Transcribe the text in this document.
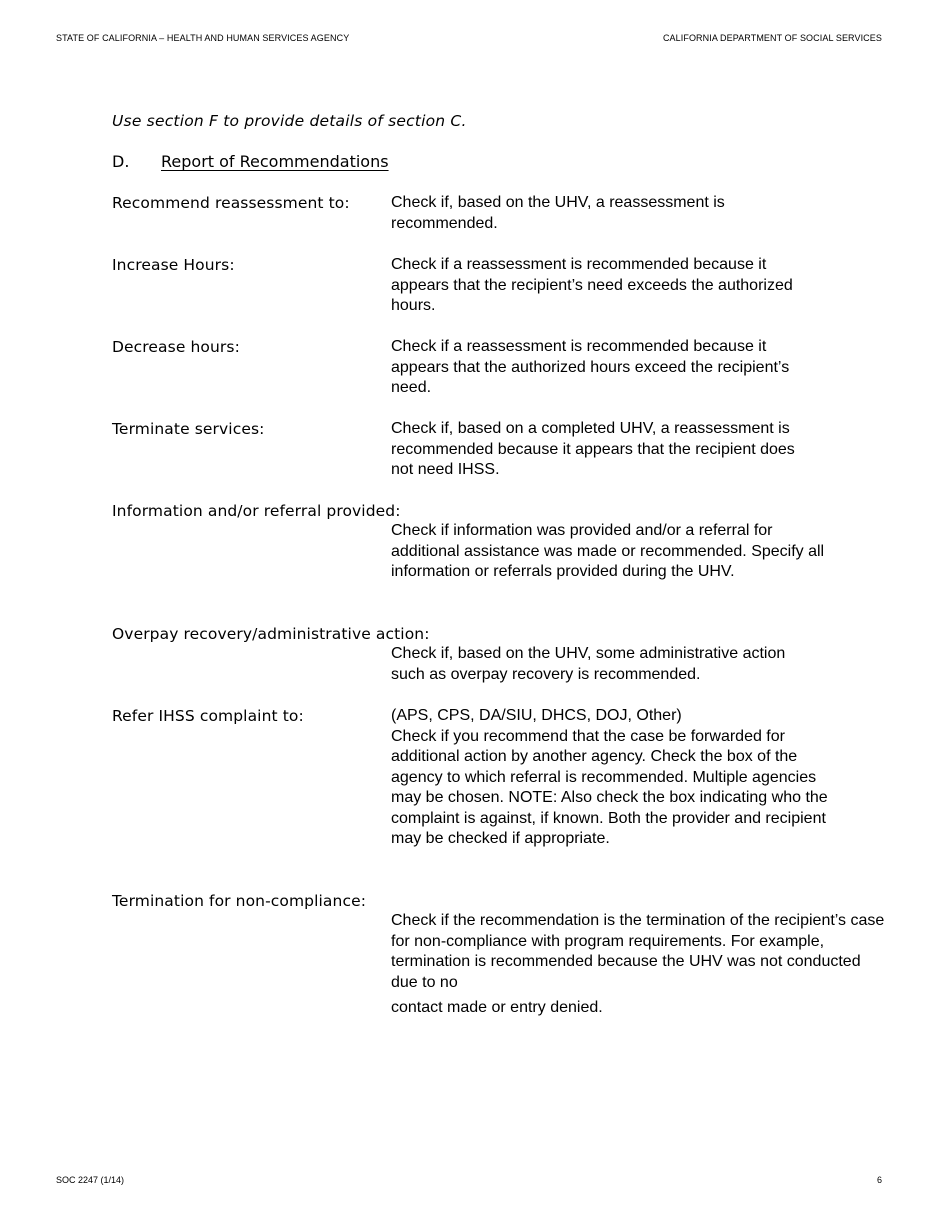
STATE OF CALIFORNIA – HEALTH AND HUMAN SERVICES AGENCY	CALIFORNIA DEPARTMENT OF SOCIAL SERVICES
Use section F to provide details of section C.
D. Report of Recommendations
Recommend reassessment to:	Check if, based on the UHV, a reassessment is recommended.
Increase Hours:	Check if a reassessment is recommended because it appears that the recipient’s need exceeds the authorized hours.
Decrease hours:	Check if a reassessment is recommended because it appears that the authorized hours exceed the recipient’s need.
Terminate services:	Check if, based on a completed UHV, a reassessment is recommended because it appears that the recipient does not need IHSS.
Information and/or referral provided:
Check if information was provided and/or a referral for additional assistance was made or recommended. Specify all information or referrals provided during the UHV.
Overpay recovery/administrative action:
Check if, based on the UHV, some administrative action such as overpay recovery is recommended.
Refer IHSS complaint to:	(APS, CPS, DA/SIU, DHCS, DOJ, Other)

Check if you recommend that the case be forwarded for additional action by another agency. Check the box of the agency to which referral is recommended. Multiple agencies may be chosen. NOTE: Also check the box indicating who the complaint is against, if known. Both the provider and recipient may be checked if appropriate.

Termination for non-compliance:

Check if the recommendation is the termination of the recipient’s case for non-compliance with program requirements. For example, termination is recommended because the UHV was not conducted due to no

contact made or entry denied.

SOC 2247 (1/14)	6
